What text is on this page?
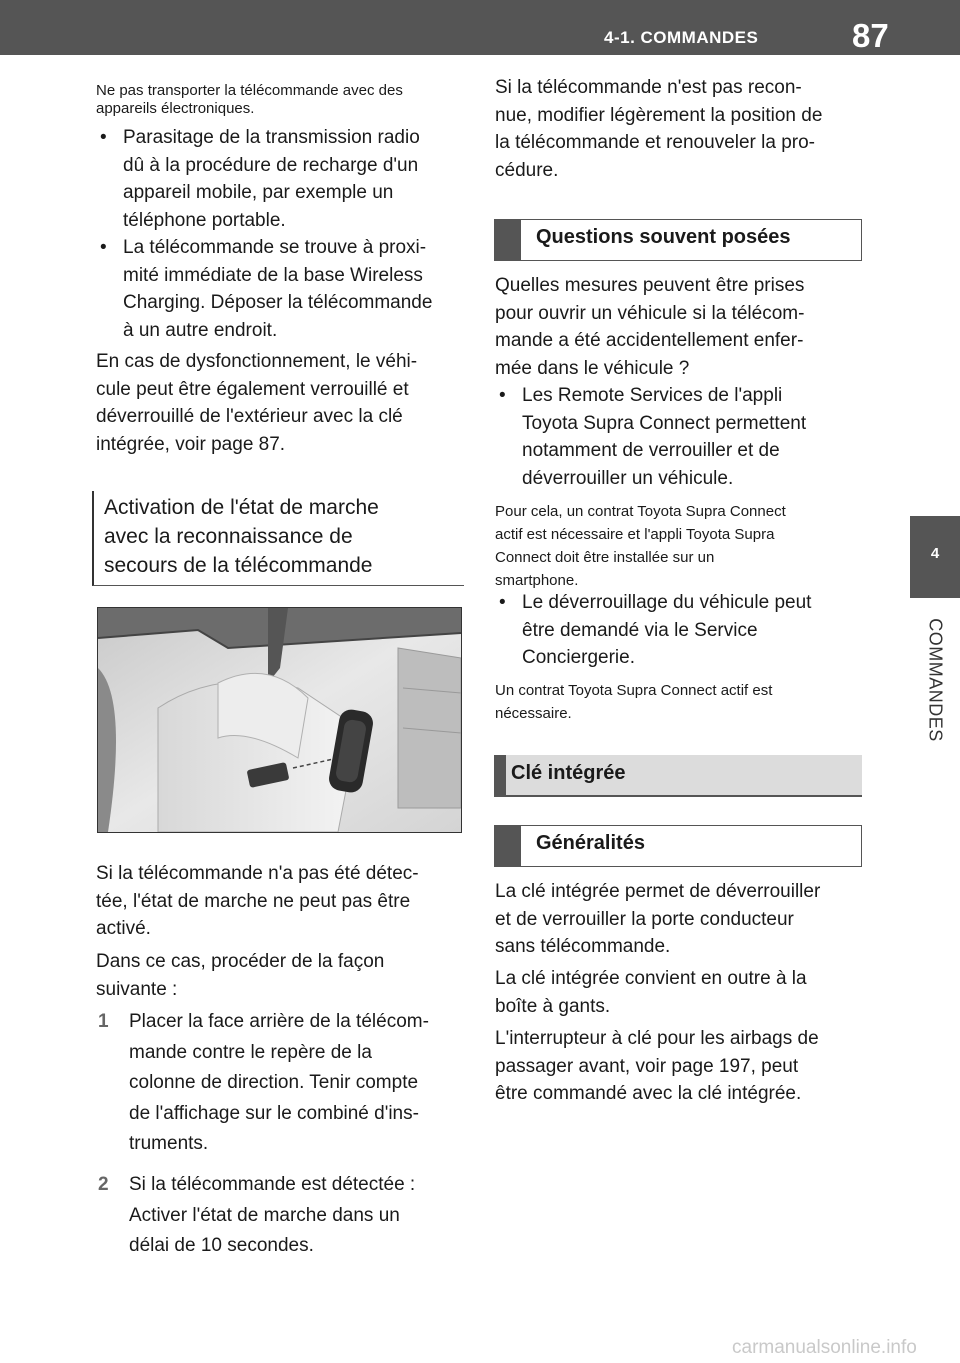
4-1. COMMANDES	87
4
COMMANDES

Ne pas transporter la télécommande avec des appareils électroniques.

• Parasitage de la transmission radio
dû à la procédure de recharge d'un
appareil mobile, par exemple un
téléphone portable.
• La télécommande se trouve à proxi-
mité immédiate de la base Wireless
Charging. Déposer la télécommande
à un autre endroit.
En cas de dysfonctionnement, le véhi-
cule peut être également verrouillé et
déverrouillé de l'extérieur avec la clé
intégrée, voir page 87.
Activation de l'état de marche
avec la reconnaissance de
secours de la télécommande
Si la télécommande n'a pas été détec-
tée, l'état de marche ne peut pas être
activé.
Dans ce cas, procéder de la façon
suivante :
1 Placer la face arrière de la télécom-
mande contre le repère de la
colonne de direction. Tenir compte
de l'affichage sur le combiné d'ins-
truments.
2 Si la télécommande est détectée :
Activer l'état de marche dans un
délai de 10 secondes.
Si la télécommande n'est pas recon-
nue, modifier légèrement la position de
la télécommande et renouveler la pro-
cédure.
Questions souvent posées
Quelles mesures peuvent être prises
pour ouvrir un véhicule si la télécom-
mande a été accidentellement enfer-
mée dans le véhicule ?
• Les Remote Services de l'appli
Toyota Supra Connect permettent
notamment de verrouiller et de
déverrouiller un véhicule.
Pour cela, un contrat Toyota Supra Connect
actif est nécessaire et l'appli Toyota Supra
Connect doit être installée sur un
smartphone.
• Le déverrouillage du véhicule peut
être demandé via le Service
Conciergerie.
Un contrat Toyota Supra Connect actif est
nécessaire.
Clé intégrée
Généralités
La clé intégrée permet de déverrouiller
et de verrouiller la porte conducteur
sans télécommande.
La clé intégrée convient en outre à la
boîte à gants.
L'interrupteur à clé pour les airbags de
passager avant, voir page 197, peut
être commandé avec la clé intégrée.
carmanualsonline.info
